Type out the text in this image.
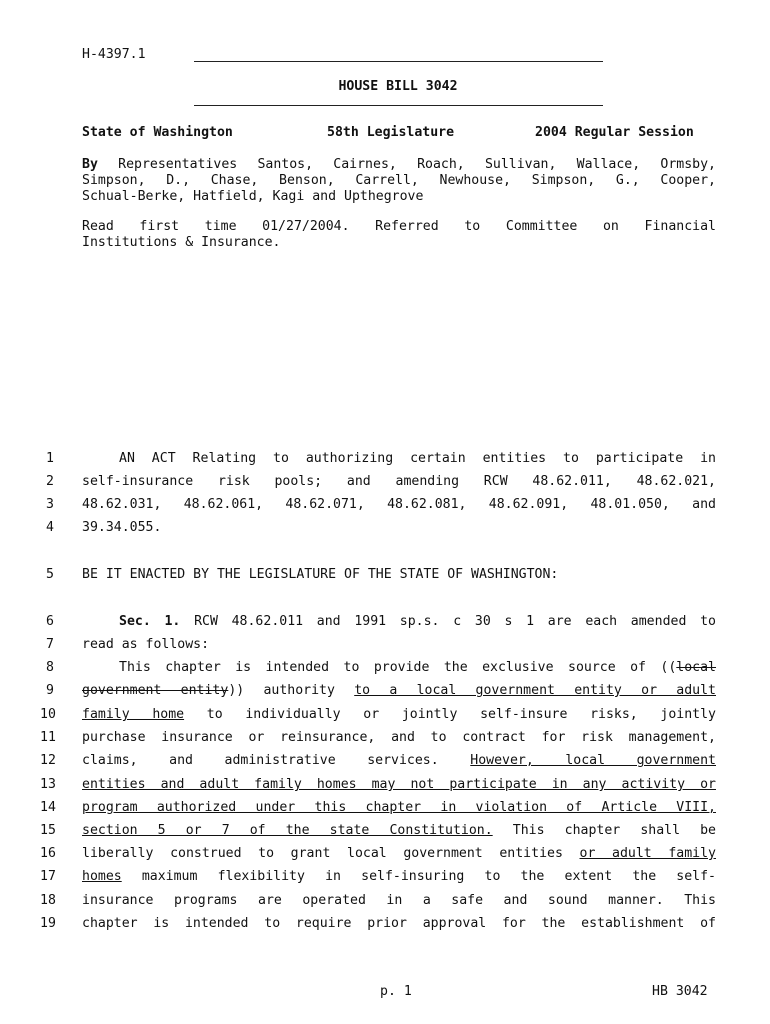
H-4397.1
HOUSE BILL 3042
State of Washington	58th Legislature	2004 Regular Session
By Representatives Santos, Cairnes, Roach, Sullivan, Wallace, Ormsby,
Simpson, D., Chase, Benson, Carrell, Newhouse, Simpson, G., Cooper,
Schual-Berke, Hatfield, Kagi and Upthegrove
Read first time 01/27/2004. Referred to Committee on Financial
Institutions & Insurance.
1
2
3
4
5
6
7
8
9
10
11
12
13
14
15
16
17
18
19
AN ACT Relating to authorizing certain entities to participate in
self-insurance risk pools; and amending RCW 48.62.011, 48.62.021,
48.62.031, 48.62.061, 48.62.071, 48.62.081, 48.62.091, 48.01.050, and
39.34.055.
BE IT ENACTED BY THE LEGISLATURE OF THE STATE OF WASHINGTON:
Sec. 1. RCW 48.62.011 and 1991 sp.s. c 30 s 1 are each amended to
read as follows:
This chapter is intended to provide the exclusive source of ((local
government entity)) authority to a local government entity or adult
family home to individually or jointly self-insure risks, jointly
purchase insurance or reinsurance, and to contract for risk management,
claims, and administrative services. However, local government
entities and adult family homes may not participate in any activity or
program authorized under this chapter in violation of Article VIII,
section 5 or 7 of the state Constitution. This chapter shall be
liberally construed to grant local government entities or adult family
homes maximum flexibility in self-insuring to the extent the self-
insurance programs are operated in a safe and sound manner. This
chapter is intended to require prior approval for the establishment of
p. 1	HB 3042
